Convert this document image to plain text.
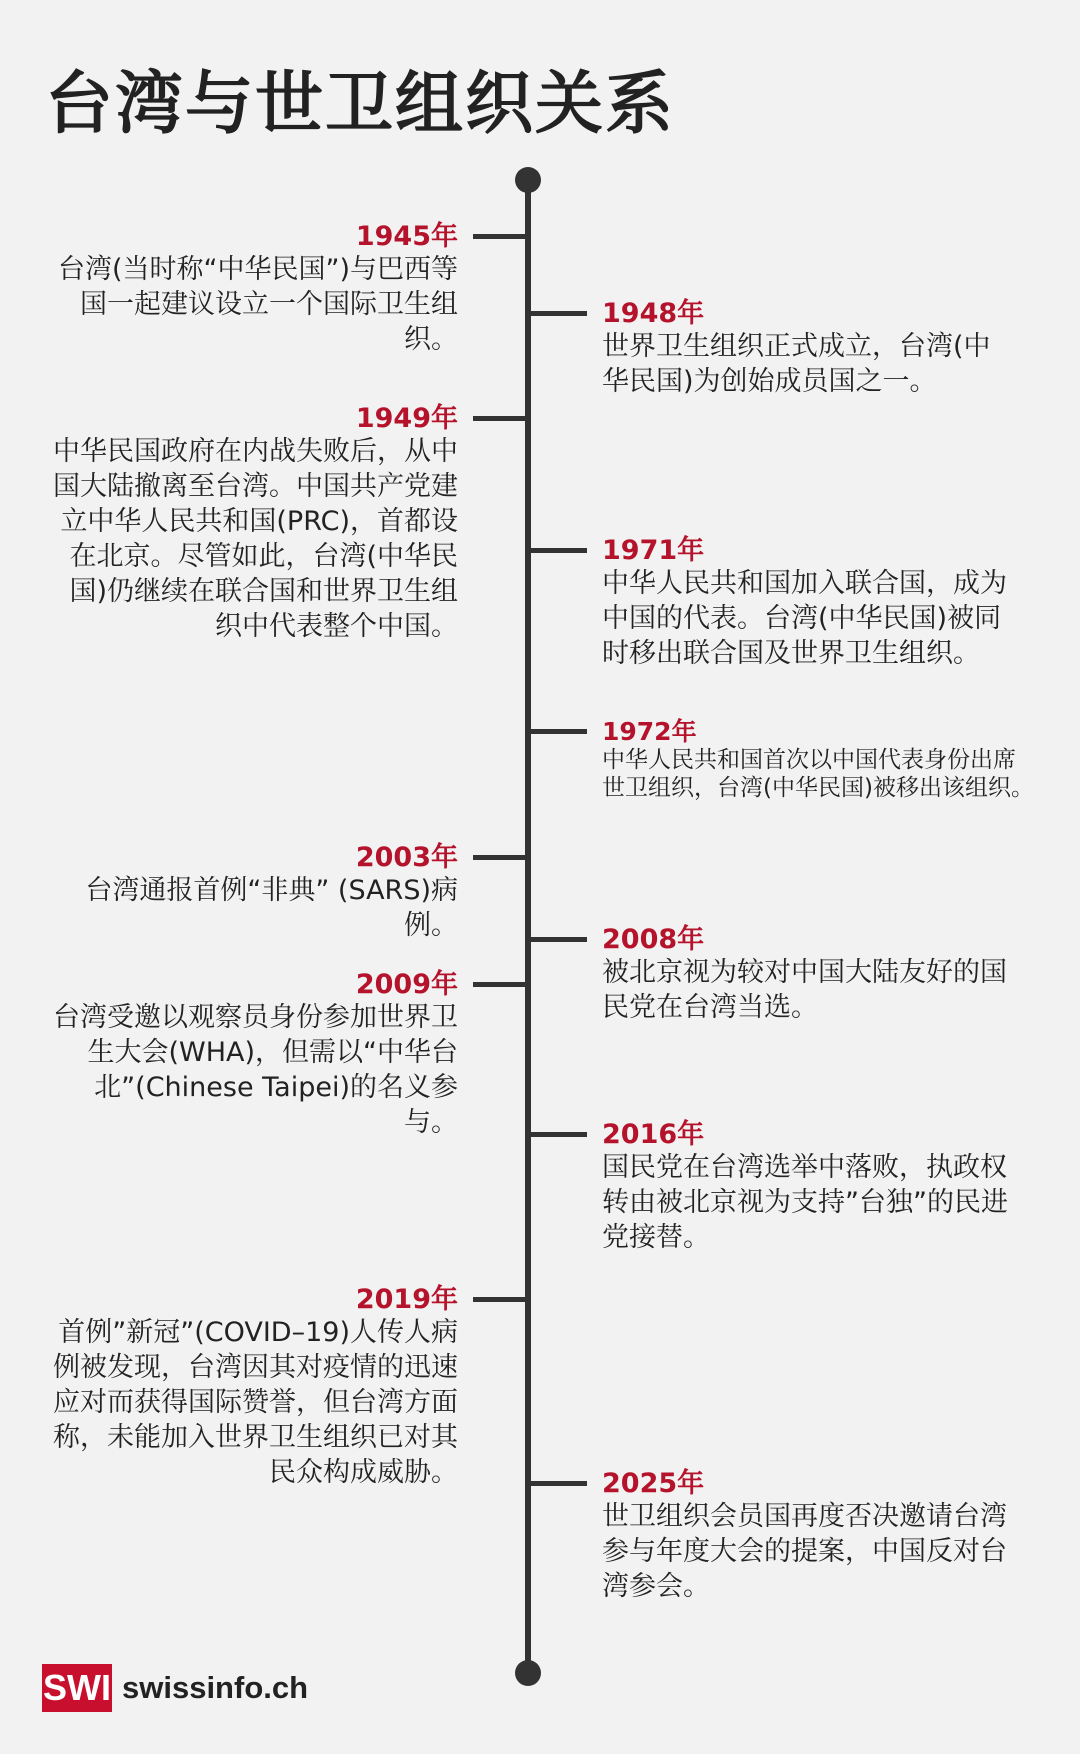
台湾与世卫组织关系
1945年
台湾(当时称“中华民国”)与巴西等国一起建议设立一个国际卫生组织。
1948年
世界卫生组织正式成立，台湾(中华民国)为创始成员国之一。
1949年
中华民国政府在内战失败后，从中国大陆撤离至台湾。中国共产党建立中华人民共和国(PRC)，首都设在北京。尽管如此，台湾(中华民国)仍继续在联合国和世界卫生组织中代表整个中国。
1971年
中华人民共和国加入联合国，成为中国的代表。台湾(中华民国)被同时移出联合国及世界卫生组织。
1972年
中华人民共和国首次以中国代表身份出席世卫组织，台湾(中华民国)被移出该组织。
2003年
台湾通报首例“非典” (SARS)病例。	2008年
被北京视为较对中国大陆友好的国民党在台湾当选。
2009年
台湾受邀以观察员身份参加世界卫生大会(WHA)，但需以“中华台北”(Chinese Taipei)的名义参与。	2016年
国民党在台湾选举中落败，执政权转由被北京视为支持”台独”的民进党接替。
2019年
首例”新冠”(COVID–19)人传人病例被发现，台湾因其对疫情的迅速应对而获得国际赞誉，但台湾方面称，未能加入世界卫生组织已对其民众构成威胁。	2025年
世卫组织会员国再度否决邀请台湾参与年度大会的提案，中国反对台湾参会。
SWI swissinfo.ch
